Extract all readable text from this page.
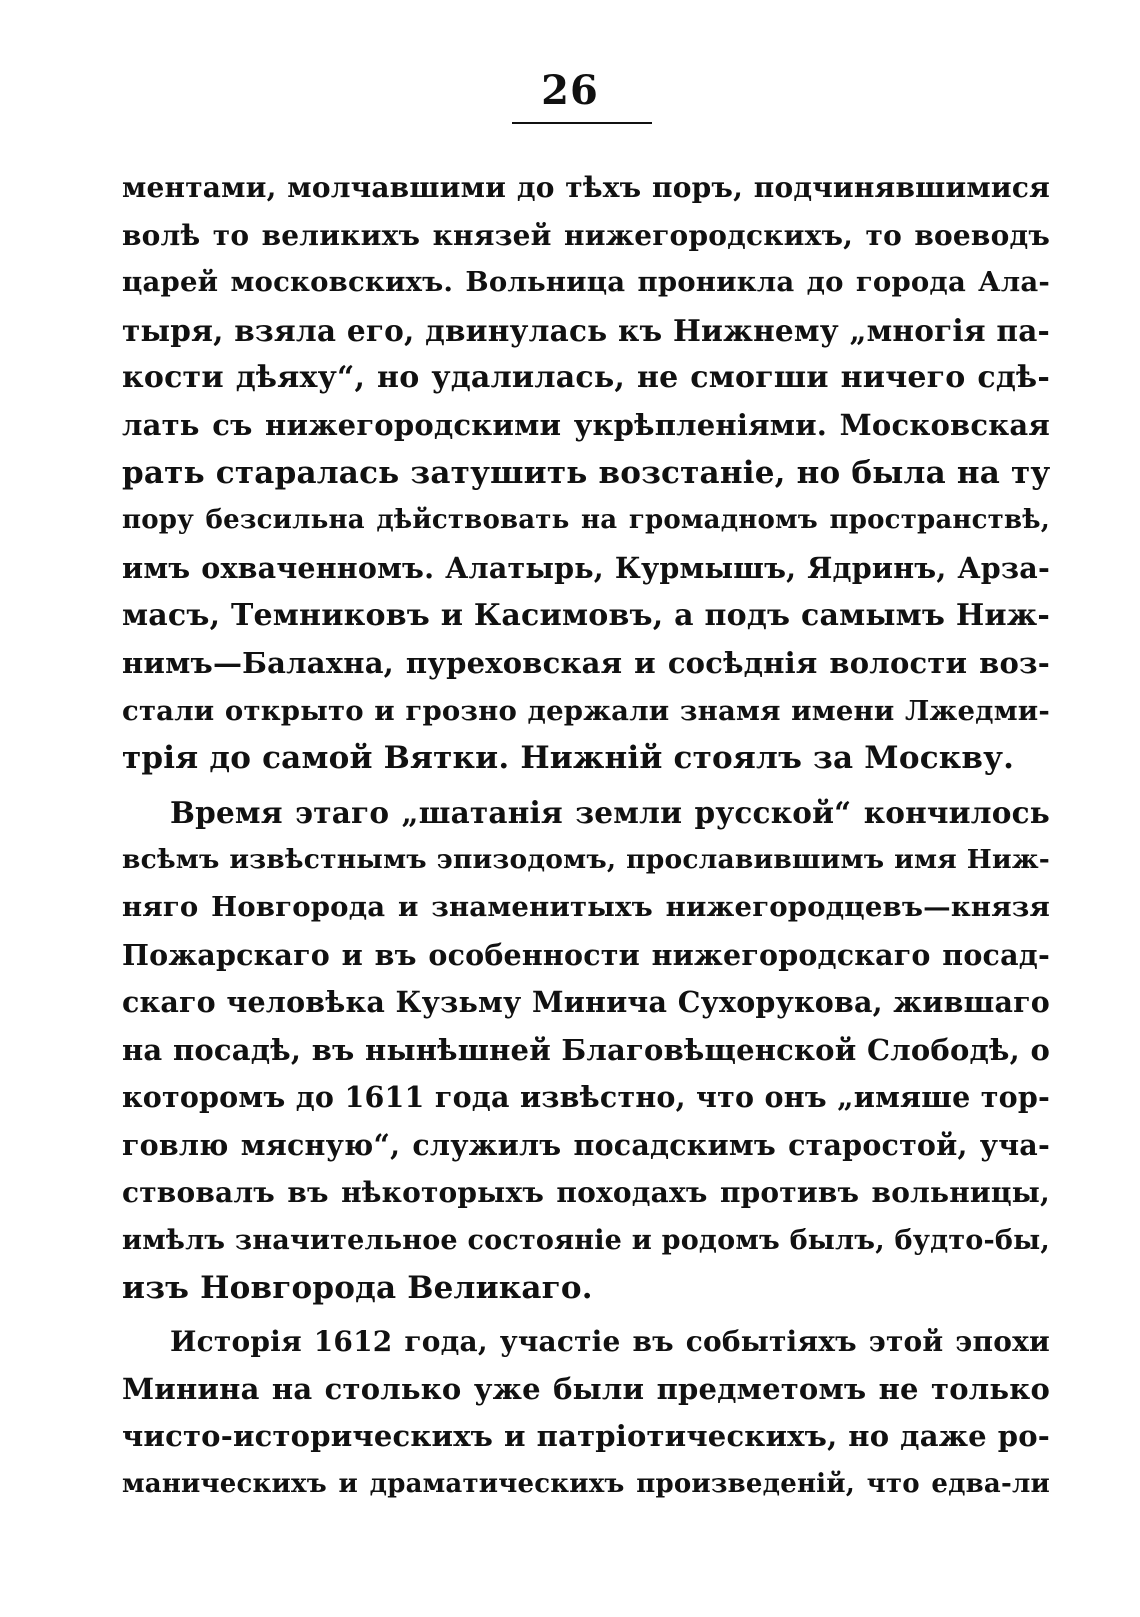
26
ментами, молчавшими до тѣхъ поръ, подчинявшимися
волѣ то великихъ князей нижегородскихъ, то воеводъ
царей московскихъ. Вольница проникла до города Ала-
тыря, взяла его, двинулась къ Нижнему „многія па-
кости дѣяху“, но удалилась, не смогши ничего сдѣ-
лать съ нижегородскими укрѣпленіями. Московская
рать старалась затушить возстаніе, но была на ту
пору безсильна дѣйствовать на громадномъ пространствѣ,
имъ охваченномъ. Алатырь, Курмышъ, Ядринъ, Арза-
масъ, Темниковъ и Касимовъ, а подъ самымъ Ниж-
нимъ—Балахна, пуреховская и сосѣднія волости воз-
стали открыто и грозно держали знамя имени Лжедми-
трія до самой Вятки. Нижній стоялъ за Москву.
Время этаго „шатанія земли русской“ кончилось
всѣмъ извѣстнымъ эпизодомъ, прославившимъ имя Ниж-
няго Новгорода и знаменитыхъ нижегородцевъ—князя
Пожарскаго и въ особенности нижегородскаго посад-
скаго человѣка Кузьму Минича Сухорукова, жившаго
на посадѣ, въ нынѣшней Благовѣщенской Слободѣ, о
которомъ до 1611 года извѣстно, что онъ „имяше тор-
говлю мясную“, служилъ посадскимъ старостой, уча-
ствовалъ въ нѣкоторыхъ походахъ противъ вольницы,
имѣлъ значительное состояніе и родомъ былъ, будто-бы,
изъ Новгорода Великаго.
Исторія 1612 года, участіе въ событіяхъ этой эпохи
Минина на столько уже были предметомъ не только
чисто-историческихъ и патріотическихъ, но даже ро-
маническихъ и драматическихъ произведеній, что едва-ли
